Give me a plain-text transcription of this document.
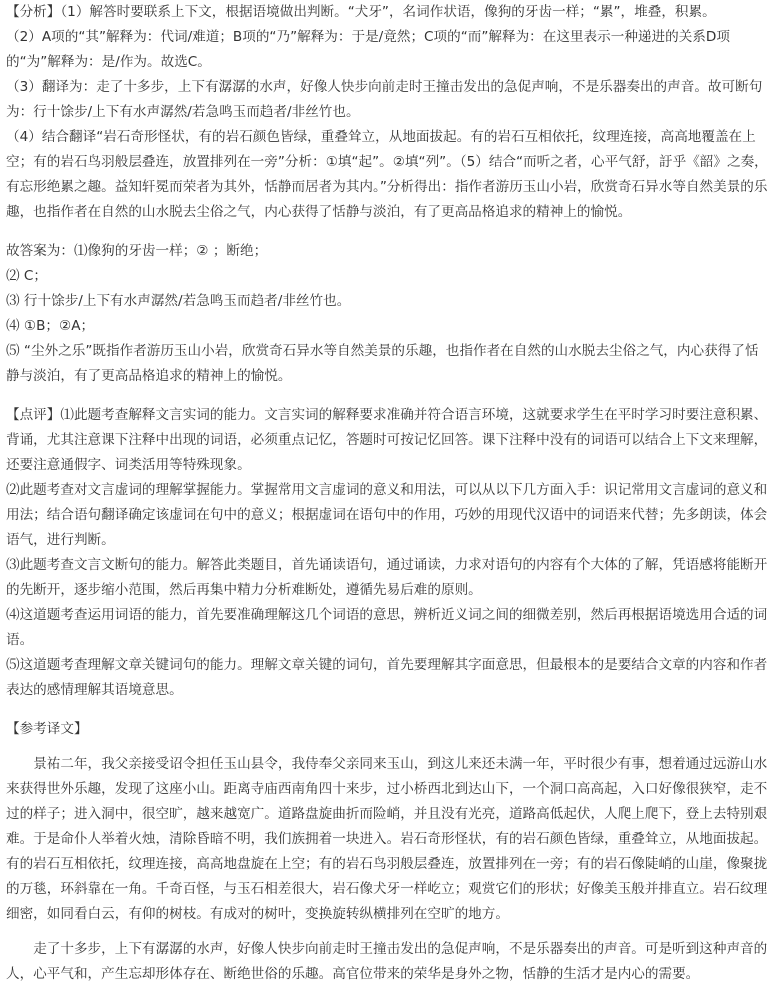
【分析】（1）解答时要联系上下文，根据语境做出判断。“犬牙”，名词作状语，像狗的牙齿一样；“累”，堆叠，积累。

（2）A项的“其”解释为：代词/难道；B项的“乃”解释为：于是/竟然；C项的“而”解释为：在这里表示一种递进的关系D项的“为”解释为：是/作为。故选C。

（3）翻译为：走了十多步，上下有潺潺的水声，好像人快步向前走时王撞击发出的急促声响，不是乐器奏出的声音。故可断句为：行十馀步/上下有水声潺然/若急鸣玉而趋者/非丝竹也。

（4）结合翻译“岩石奇形怪状，有的岩石颜色皆绿，重叠耸立，从地面拔起。有的岩石互相依托，纹理连接，高高地覆盖在上空；有的岩石鸟羽般层叠连，放置排列在一旁”分析：①填“起”。②填“列”。（5）结合“而听之者，心平气舒，訏乎《韶》之奏，有忘形绝累之趣。益知轩冕而荣者为其外，恬静而居者为其内。”分析得出：指作者游历玉山小岩，欣赏奇石异水等自然美景的乐趣，也指作者在自然的山水脱去尘俗之气，内心获得了恬静与淡泊，有了更高品格追求的精神上的愉悦。

故答案为：⑴像狗的牙齿一样；② ；断绝；

⑵ C；

⑶ 行十馀步/上下有水声潺然/若急鸣玉而趋者/非丝竹也。

⑷ ①B；②A；

⑸ “尘外之乐”既指作者游历玉山小岩，欣赏奇石异水等自然美景的乐趣，也指作者在自然的山水脱去尘俗之气，内心获得了恬静与淡泊，有了更高品格追求的精神上的愉悦。

【点评】⑴此题考查解释文言实词的能力。文言实词的解释要求准确并符合语言环境，这就要求学生在平时学习时要注意积累、背诵，尤其注意课下注释中出现的词语，必须重点记忆，答题时可按记忆回答。课下注释中没有的词语可以结合上下文来理解，还要注意通假字、词类活用等特殊现象。

⑵此题考查对文言虚词的理解掌握能力。掌握常用文言虚词的意义和用法，可以从以下几方面入手：识记常用文言虚词的意义和用法；结合语句翻译确定该虚词在句中的意义；根据虚词在语句中的作用，巧妙的用现代汉语中的词语来代替；先多朗读，体会语气，进行判断。

⑶此题考查文言文断句的能力。解答此类题目，首先诵读语句，通过诵读，力求对语句的内容有个大体的了解，凭语感将能断开的先断开，逐步缩小范围，然后再集中精力分析难断处，遵循先易后难的原则。

⑷这道题考查运用词语的能力，首先要准确理解这几个词语的意思，辨析近义词之间的细微差别，然后再根据语境选用合适的词语。

⑸这道题考查理解文章关键词句的能力。理解文章关键的词句，首先要理解其字面意思，但最根本的是要结合文章的内容和作者表达的感情理解其语境意思。

【参考译文】

景祐二年，我父亲接受诏令担任玉山县令，我侍奉父亲同来玉山，到这儿来还未满一年，平时很少有事，想着通过远游山水来获得世外乐趣，发现了这座小山。距离寺庙西南角四十来步，过小桥西北到达山下，一个洞口高高起，入口好像很狭窄，走不过的样子；进入洞中，很空旷，越来越宽广。道路盘旋曲折而险峭，并且没有光亮，道路高低起伏，人爬上爬下，登上去特别艰难。于是命仆人举着火烛，清除昏暗不明，我们族拥着一块进入。岩石奇形怪状，有的岩石颜色皆绿，重叠耸立，从地面拔起。有的岩石互相依托，纹理连接，高高地盘旋在上空；有的岩石鸟羽般层叠连，放置排列在一旁；有的岩石像陡峭的山崖，像聚拢的万毯，环斜靠在一角。千奇百怪，与玉石相差很大，岩石像犬牙一样屹立；观赏它们的形状；好像美玉般并排直立。岩石纹理细密，如同看白云，有仰的树枝。有成对的树叶，变换旋转纵横排列在空旷的地方。

走了十多步，上下有潺潺的水声，好像人快步向前走时王撞击发出的急促声响，不是乐器奏出的声音。可是听到这种声音的人，心平气和，产生忘却形体存在、断绝世俗的乐趣。高官位带来的荣华是身外之物，恬静的生活才是内心的需要。
